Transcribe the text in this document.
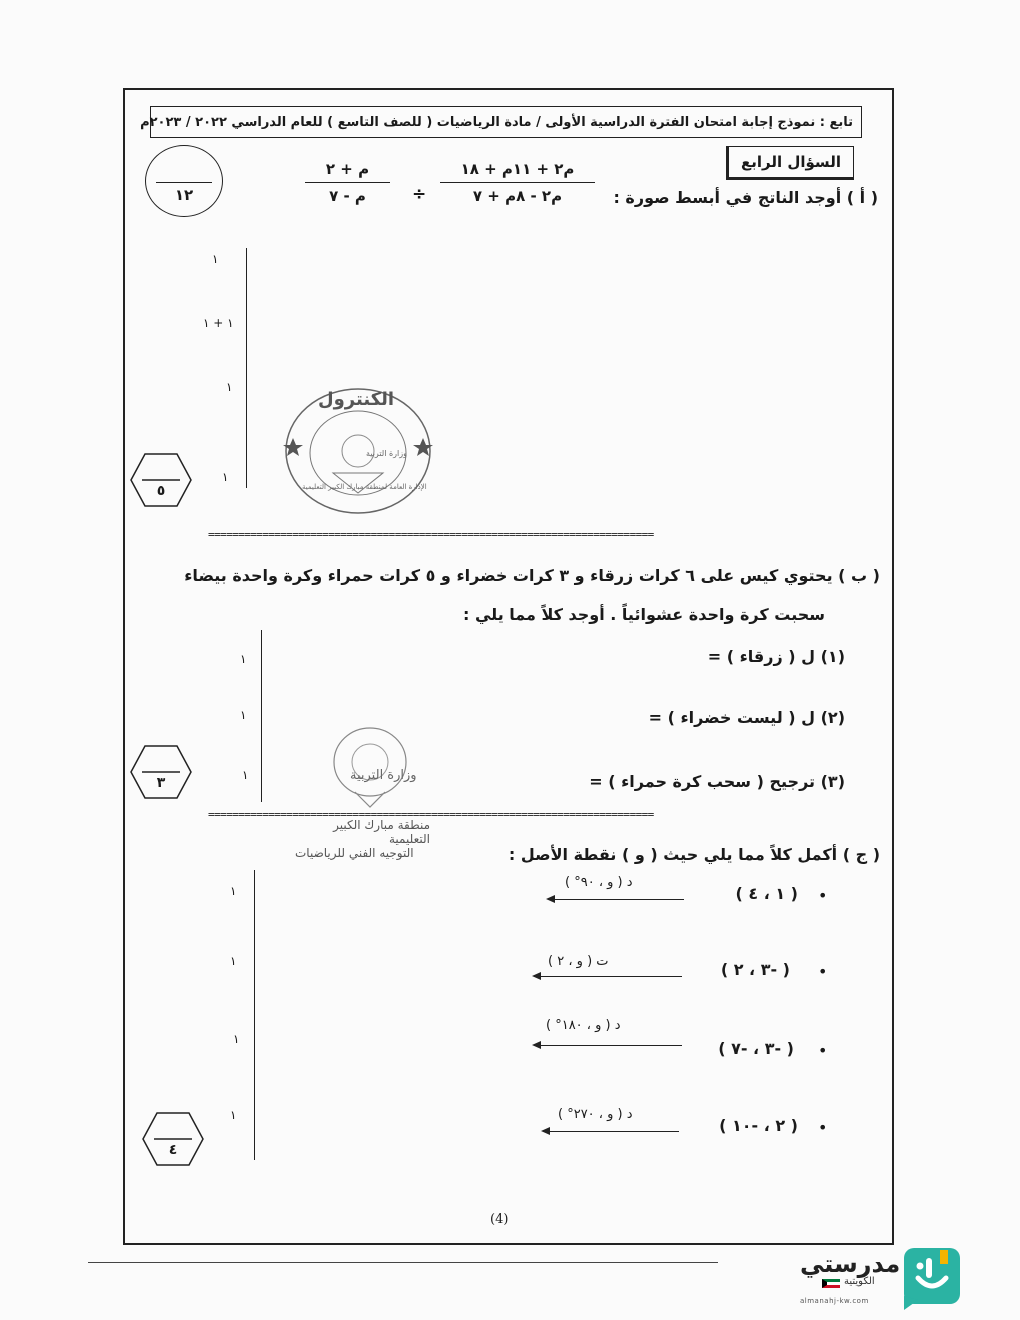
تابع : نموذج إجابة امتحان الفترة الدراسية الأولى / مادة الرياضيات ( للصف التاسع ) للعام الدراسي ٢٠٢٢ / ٢٠٢٣م
السؤال الرابع
١٢	( أ ) أوجد الناتج في أبسط صورة :
م٢ + ١١م + ١٨
م٢ - ٨م + ٧
÷
م + ٢
م - ٧
١
١ + ١
١
١
٥
الكنترول
الإدارة العامة لمنطقة مبارك الكبير التعليمية
وزارة التربية
==========================================================================
( ب ) يحتوي كيس على ٦ كرات زرقاء و ٣ كرات خضراء و ٥ كرات حمراء وكرة واحدة بيضاء
سحبت كرة واحدة عشوائياً . أوجد كلاً مما يلي :
(١) ل ( زرقاء ) =
(٢) ل ( ليست خضراء ) =
(٣) ترجيح ( سحب كرة حمراء ) =
١
١
١
٣	وزارة التربية
منطقة مبارك الكبير التعليمية
التوجيه الفني للرياضيات
==========================================================================
( ج ) أكمل كلاً مما يلي حيث ( و ) نقطة الأصل :
•
( ١ ، ٤ )
د ( و ، ٩٠° )
•
( -٣ ، ٢ )
ت ( و ، ٢ )
•
( -٣ ، -٧ )
د ( و ، ١٨٠° )
•
( ٢ ، -١٠ )
د ( و ، ٢٧٠° )
١
١
١
١
٤
(4)
مدرستي
الكويتية
almanahj-kw.com
